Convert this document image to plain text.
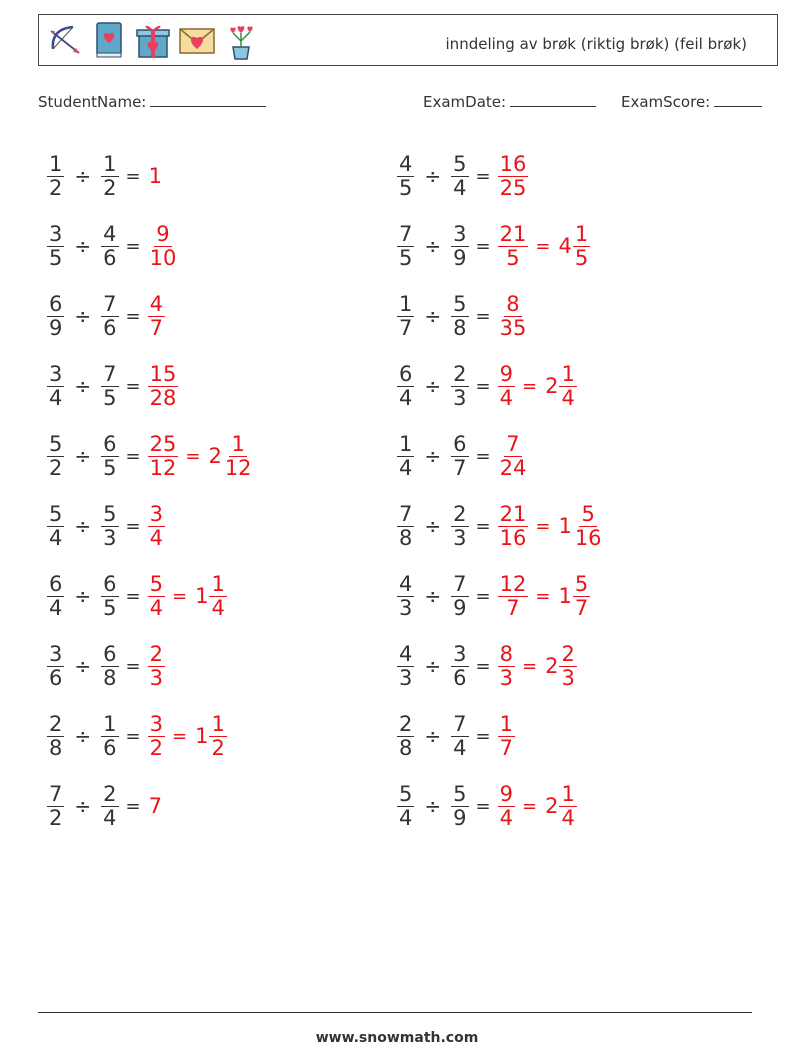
inndeling av brøk (riktig brøk) (feil brøk)
StudentName:	ExamDate:	ExamScore:
$\frac{1}{2} \div \frac{1}{2} = 1$	$\frac{4}{5} \div \frac{5}{4} = \frac{16}{25}$
$\frac{3}{5} \div \frac{4}{6} = \frac{9}{10}$	$\frac{7}{5} \div \frac{3}{9} = \frac{21}{5} = 4 \frac{1}{5}$
$\frac{6}{9} \div \frac{7}{6} = \frac{4}{7}$	$\frac{1}{7} \div \frac{5}{8} = \frac{8}{35}$
$\frac{3}{4} \div \frac{7}{5} = \frac{15}{28}$	$\frac{6}{4} \div \frac{2}{3} = \frac{9}{4} = 2 \frac{1}{4}$
$\frac{5}{2} \div \frac{6}{5} = \frac{25}{12} = 2 \frac{1}{12}$	$\frac{1}{4} \div \frac{6}{7} = \frac{7}{24}$
$\frac{5}{4} \div \frac{5}{3} = \frac{3}{4}$	$\frac{7}{8} \div \frac{2}{3} = \frac{21}{16} = 1 \frac{5}{16}$
$\frac{6}{4} \div \frac{6}{5} = \frac{5}{4} = 1 \frac{1}{4}$	$\frac{4}{3} \div \frac{7}{9} = \frac{12}{7} = 1 \frac{5}{7}$
$\frac{3}{6} \div \frac{6}{8} = \frac{2}{3}$	$\frac{4}{3} \div \frac{3}{6} = \frac{8}{3} = 2 \frac{2}{3}$
$\frac{2}{8} \div \frac{1}{6} = \frac{3}{2} = 1 \frac{1}{2}$	$\frac{2}{8} \div \frac{7}{4} = \frac{1}{7}$
$\frac{7}{2} \div \frac{2}{4} = 7$	$\frac{5}{4} \div \frac{5}{9} = \frac{9}{4} = 2 \frac{1}{4}$
www.snowmath.com
